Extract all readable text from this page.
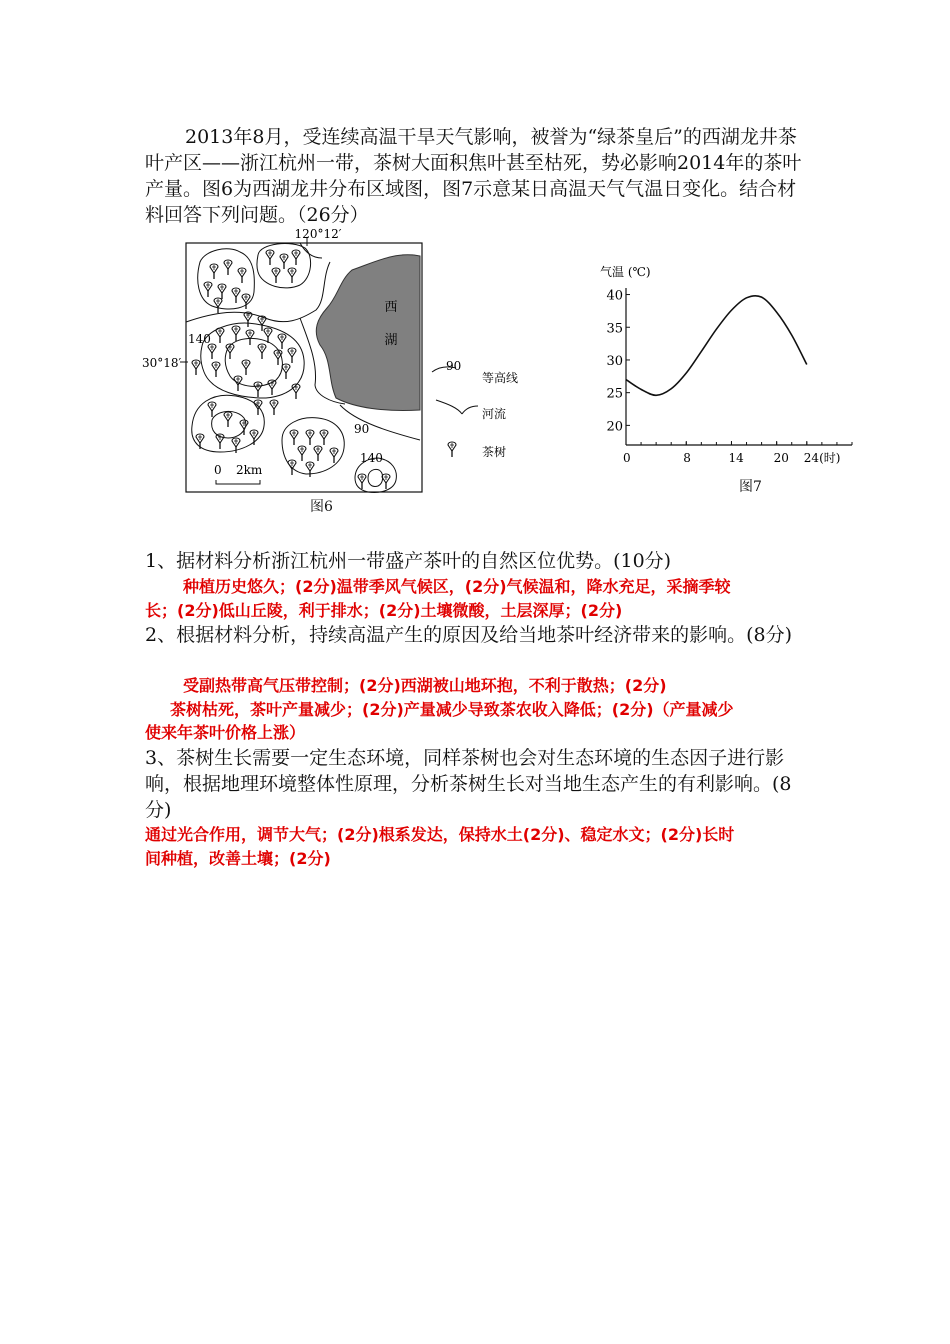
2013年8月，受连续高温干旱天气影响，被誉为“绿茶皇后”的西湖龙井茶叶产区——浙江杭州一带，茶树大面积焦叶甚至枯死，势必影响2014年的茶叶产量。图6为西湖龙井分布区域图，图7示意某日高温天气气温日变化。结合材料回答下列问题。（26分）
西
湖
120°12′
30°18′
140
140
90
0 2km
90
等高线
河流
茶树
图6
气温 (℃)
40
35
30
25
20
0	8	14 20 24(时)
图7
1、据材料分析浙江杭州一带盛产茶叶的自然区位优势。(10分)
种植历史悠久；(2分)温带季风气候区，(2分)气候温和，降水充足，采摘季较
长；(2分)低山丘陵，利于排水；(2分)土壤微酸，土层深厚；(2分)
2、根据材料分析，持续高温产生的原因及给当地茶叶经济带来的影响。(8分)
受副热带高气压带控制；(2分)西湖被山地环抱，不利于散热；(2分)
茶树枯死，茶叶产量减少；(2分)产量减少导致茶农收入降低；(2分)（产量减少
使来年茶叶价格上涨）
3、茶树生长需要一定生态环境，同样茶树也会对生态环境的生态因子进行影响，根据地理环境整体性原理，分析茶树生长对当地生态产生的有利影响。(8分)
通过光合作用，调节大气；(2分)根系发达，保持水土(2分)、稳定水文；(2分)长时
间种植，改善土壤；(2分)
